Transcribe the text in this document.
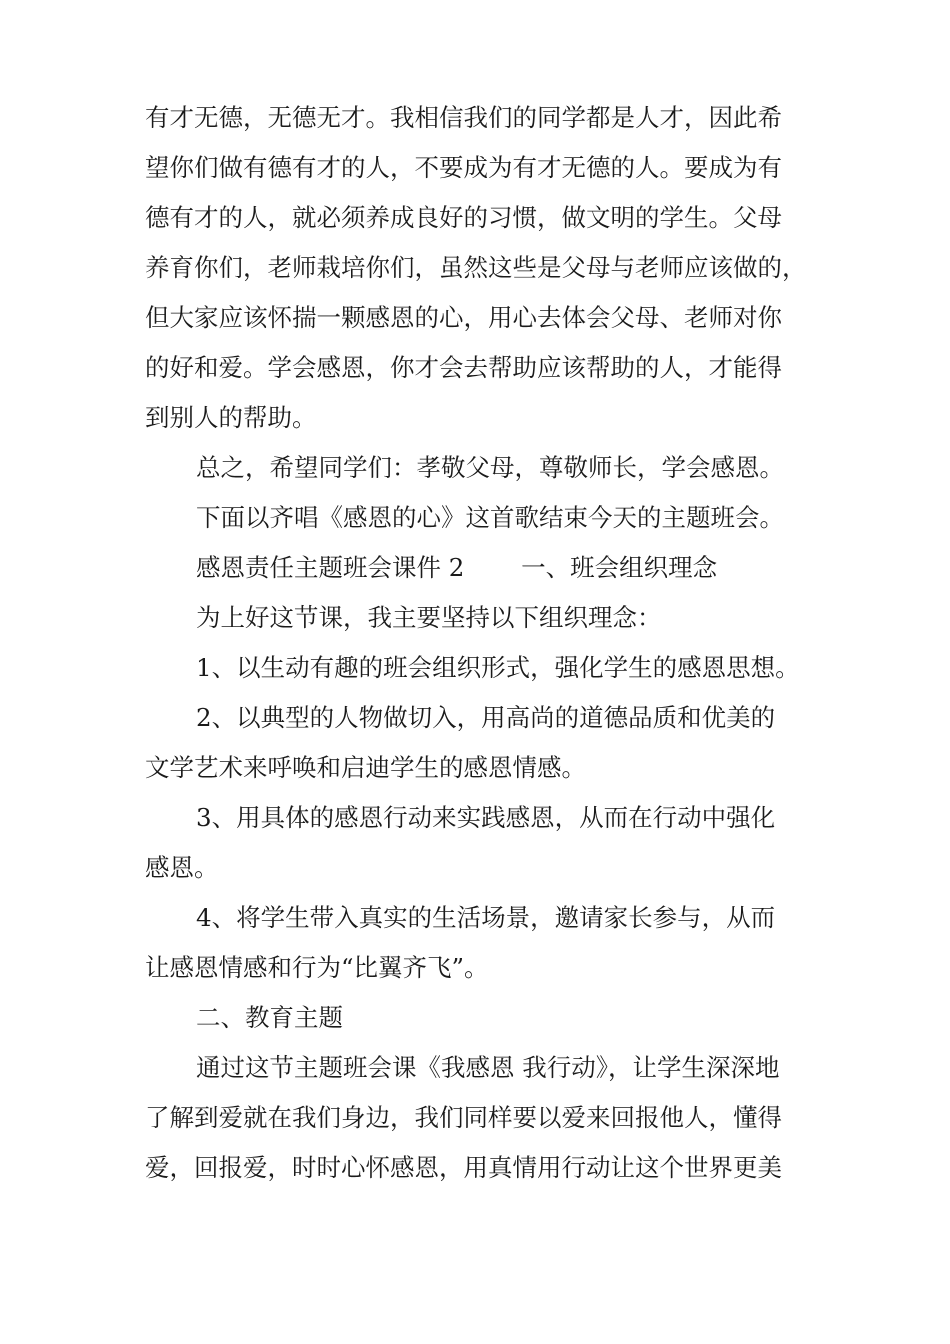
有才无德，无德无才。我相信我们的同学都是人才，因此希
望你们做有德有才的人，不要成为有才无德的人。要成为有
德有才的人，就必须养成良好的习惯，做文明的学生。父母
养育你们，老师栽培你们，虽然这些是父母与老师应该做的，
但大家应该怀揣一颗感恩的心，用心去体会父母、老师对你
的好和爱。学会感恩，你才会去帮助应该帮助的人，才能得
到别人的帮助。
总之，希望同学们：孝敬父母，尊敬师长，学会感恩。
下面以齐唱《感恩的心》这首歌结束今天的主题班会。
感恩责任主题班会课件 2　　 一、班会组织理念
为上好这节课，我主要坚持以下组织理念：
1、以生动有趣的班会组织形式，强化学生的感恩思想。
2、以典型的人物做切入，用高尚的道德品质和优美的
文学艺术来呼唤和启迪学生的感恩情感。
3、用具体的感恩行动来实践感恩，从而在行动中强化
感恩。
4、将学生带入真实的生活场景，邀请家长参与，从而
让感恩情感和行为“比翼齐飞”。
二、教育主题
通过这节主题班会课《我感恩 我行动》，让学生深深地
了解到爱就在我们身边，我们同样要以爱来回报他人，懂得
爱，回报爱，时时心怀感恩，用真情用行动让这个世界更美
